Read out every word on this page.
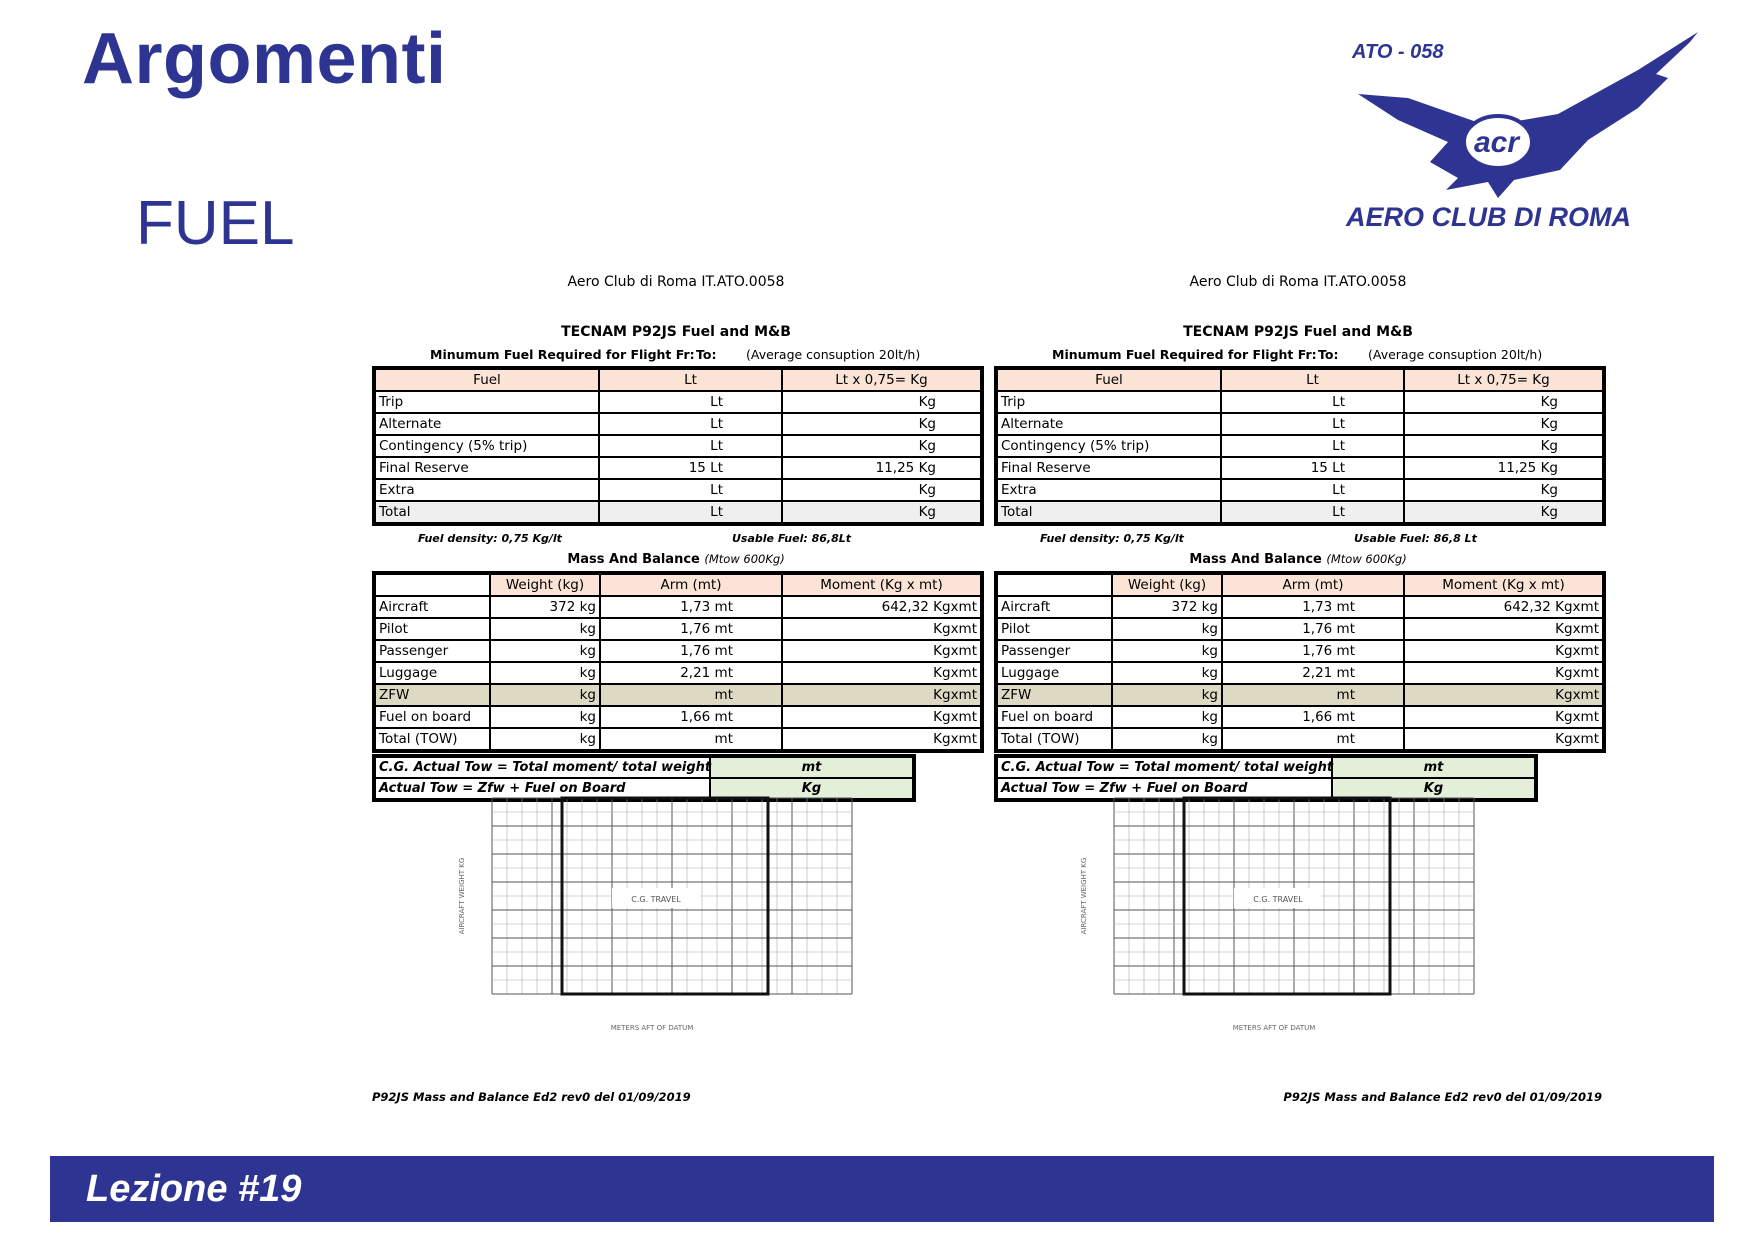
Argomenti
FUEL
ATO - 058
acr
AERO CLUB DI ROMA
Aero Club di Roma IT.ATO.0058
TECNAM P92JS Fuel and M&B
Minumum Fuel Required for Flight Fr: To: (Average consuption 20lt/h)
Fuel	Lt	Lt x 0,75= Kg
Trip	Lt	Kg
Alternate	Lt	Kg
Contingency (5% trip)	Lt	Kg
Final Reserve	15 Lt	11,25 Kg
Extra	Lt	Kg
Total	Lt	Kg
Fuel density: 0,75 Kg/lt	Usable Fuel: 86,8Lt
Mass And Balance (Mtow 600Kg)
	Weight (kg)	Arm (mt)	Moment (Kg x mt)
Aircraft	372 kg	1,73 mt	642,32 Kgxmt
Pilot	kg	1,76 mt	Kgxmt
Passenger	kg	1,76 mt	Kgxmt
Luggage	kg	2,21 mt	Kgxmt
ZFW	kg	mt	Kgxmt
Fuel on board	kg	1,66 mt	Kgxmt
Total (TOW)	kg	mt	Kgxmt
C.G. Actual Tow = Total moment/ total weight	mt
Actual Tow = Zfw + Fuel on Board	Kg
C.G. TRAVEL
AIRCRAFT WEIGHT KG
METERS AFT OF DATUM
P92JS Mass and Balance Ed2 rev0 del 01/09/2019
Aero Club di Roma IT.ATO.0058
TECNAM P92JS Fuel and M&B
Minumum Fuel Required for Flight Fr: To: (Average consuption 20lt/h)
Fuel	Lt	Lt x 0,75= Kg
Trip	Lt	Kg
Alternate	Lt	Kg
Contingency (5% trip)	Lt	Kg
Final Reserve	15 Lt	11,25 Kg
Extra	Lt	Kg
Total	Lt	Kg
Fuel density: 0,75 Kg/lt	Usable Fuel: 86,8 Lt
Mass And Balance (Mtow 600Kg)
	Weight (kg)	Arm (mt)	Moment (Kg x mt)
Aircraft	372 kg	1,73 mt	642,32 Kgxmt
Pilot	kg	1,76 mt	Kgxmt
Passenger	kg	1,76 mt	Kgxmt
Luggage	kg	2,21 mt	Kgxmt
ZFW	kg	mt	Kgxmt
Fuel on board	kg	1,66 mt	Kgxmt
Total (TOW)	kg	mt	Kgxmt
C.G. Actual Tow = Total moment/ total weight	mt
Actual Tow = Zfw + Fuel on Board	Kg
C.G. TRAVEL
AIRCRAFT WEIGHT KG
METERS AFT OF DATUM
P92JS Mass and Balance Ed2 rev0 del 01/09/2019
Lezione #19
